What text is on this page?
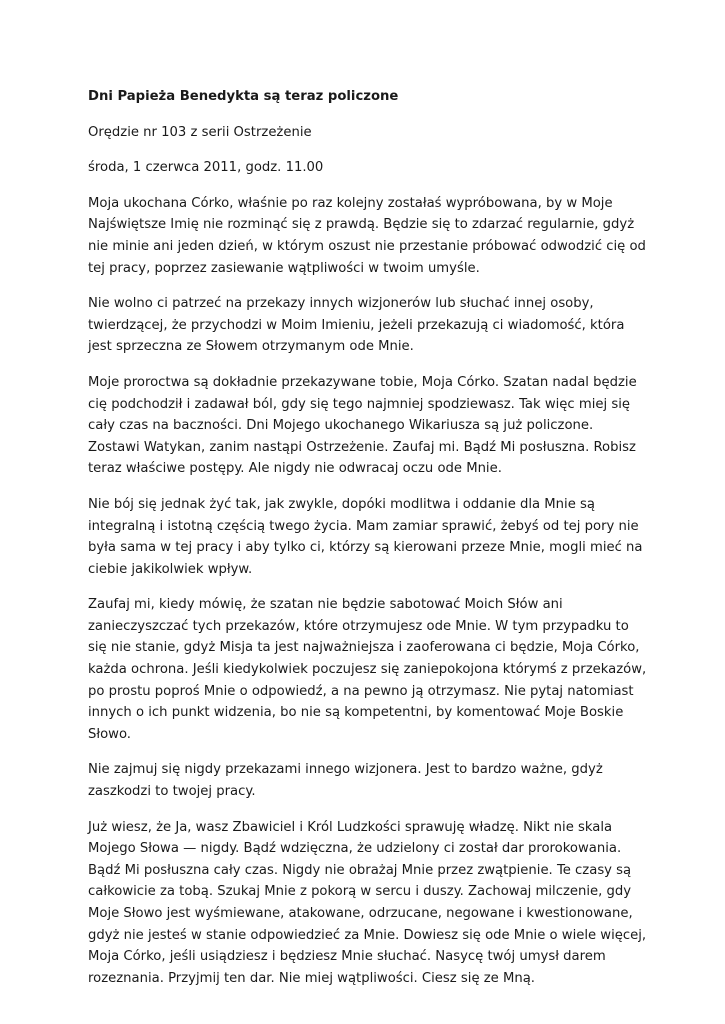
Dni Papieża Benedykta są teraz policzone
Orędzie nr 103 z serii Ostrzeżenie
środa, 1 czerwca 2011, godz. 11.00
Moja ukochana Córko, właśnie po raz kolejny zostałaś wypróbowana, by w Moje Najświętsze Imię nie rozminąć się z prawdą. Będzie się to zdarzać regularnie, gdyż nie minie ani jeden dzień, w którym oszust nie przestanie próbować odwodzić cię od tej pracy, poprzez zasiewanie wątpliwości w twoim umyśle.
Nie wolno ci patrzeć na przekazy innych wizjonerów lub słuchać innej osoby, twierdzącej, że przychodzi w Moim Imieniu, jeżeli przekazują ci wiadomość, która jest sprzeczna ze Słowem otrzymanym ode Mnie.
Moje proroctwa są dokładnie przekazywane tobie, Moja Córko. Szatan nadal będzie cię podchodził i zadawał ból, gdy się tego najmniej spodziewasz. Tak więc miej się cały czas na baczności. Dni Mojego ukochanego Wikariusza są już policzone. Zostawi Watykan, zanim nastąpi Ostrzeżenie. Zaufaj mi. Bądź Mi posłuszna. Robisz teraz właściwe postępy. Ale nigdy nie odwracaj oczu ode Mnie.
Nie bój się jednak żyć tak, jak zwykle, dopóki modlitwa i oddanie dla Mnie są integralną i istotną częścią twego życia. Mam zamiar sprawić, żebyś od tej pory nie była sama w tej pracy i aby tylko ci, którzy są kierowani przeze Mnie, mogli mieć na ciebie jakikolwiek wpływ.
Zaufaj mi, kiedy mówię, że szatan nie będzie sabotować Moich Słów ani zanieczyszczać tych przekazów, które otrzymujesz ode Mnie. W tym przypadku to się nie stanie, gdyż Misja ta jest najważniejsza i zaoferowana ci będzie, Moja Córko, każda ochrona. Jeśli kiedykolwiek poczujesz się zaniepokojona którymś z przekazów, po prostu poproś Mnie o odpowiedź, a na pewno ją otrzymasz. Nie pytaj natomiast innych o ich punkt widzenia, bo nie są kompetentni, by komentować Moje Boskie Słowo.
Nie zajmuj się nigdy przekazami innego wizjonera. Jest to bardzo ważne, gdyż zaszkodzi to twojej pracy.
Już wiesz, że Ja, wasz Zbawiciel i Król Ludzkości sprawuję władzę. Nikt nie skala Mojego Słowa — nigdy. Bądź wdzięczna, że udzielony ci został dar prorokowania. Bądź Mi posłuszna cały czas. Nigdy nie obrażaj Mnie przez zwątpienie. Te czasy są całkowicie za tobą. Szukaj Mnie z pokorą w sercu i duszy. Zachowaj milczenie, gdy Moje Słowo jest wyśmiewane, atakowane, odrzucane, negowane i kwestionowane, gdyż nie jesteś w stanie odpowiedzieć za Mnie. Dowiesz się ode Mnie o wiele więcej, Moja Córko, jeśli usiądziesz i będziesz Mnie słuchać. Nasycę twój umysł darem rozeznania. Przyjmij ten dar. Nie miej wątpliwości. Ciesz się ze Mną.
